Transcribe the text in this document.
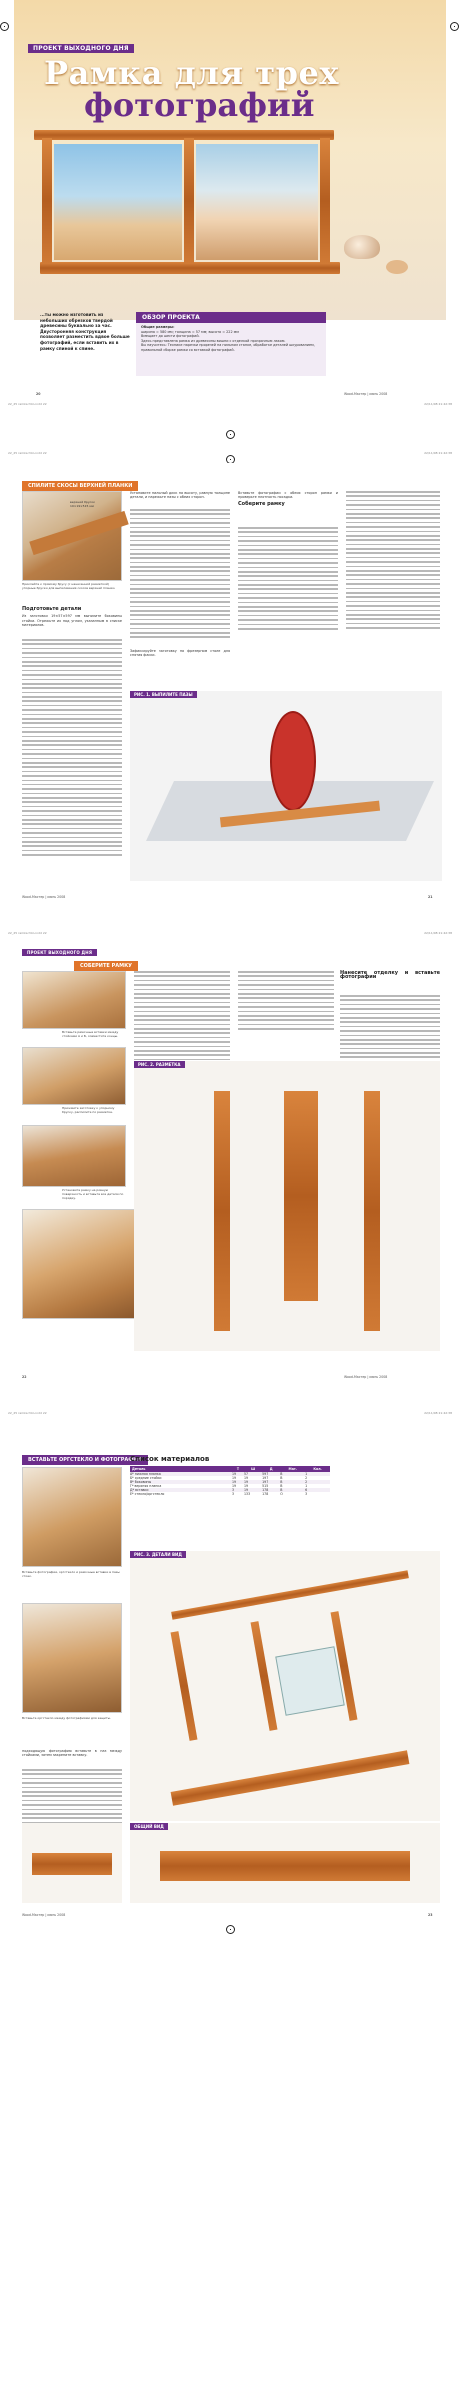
ПРОЕКТ ВЫХОДНОГО ДНЯ
Рамка для трех
фотографий
...ты можно изготовить из небольших обрезков твердой древесины буквально за час. Двусторонняя конструкция позволяет разместить вдвое больше фотографий, если вставить их в рамку спиной к спине.
ОБЗОР ПРОЕКТА
Общие размеры:
ширина = 580 мм; толщина = 57 мм; высота = 222 мм
Вмещает до шести фотографий.
Здесь представлена рамка из древесины вишни с отделкой прозрачным лаком.
Вы научитесь: Технике нарезки прорезей на пильном станке, обработке деталей шкурованием, правильной сборке рамки со вставкой фотографий.
20	Wood-Мастер | июнь 2008
22_25 ramka foto.indd 22	22/11/08 21:42:38
22_25 ramka foto.indd 22	22/11/08 21:42:38
СПИЛИТЕ СКОСЫ ВЕРХНЕЙ ПЛАНКИ
верхний брусок 19×19×515 мм
Приклейте к прямому брусу (с нанесенной разметкой) упорные бруски для выпиливания скосов верхней планки.
Подготовьте детали

Из заготовки 19×57×597 мм выпилите боковины стойки. Отрежьте их под углом, указанным в списке материалов.

Установите пильный диск на высоту, равную толщине детали, и нарежьте пазы с обеих сторон.

Зафиксируйте заготовку на фрезерном столе для снятия фаски.

Вставьте фотографии с обеих сторон рамки и проверьте плотность посадки.

Соберите рамку
РИС. 1. ВЫПИЛИТЕ ПАЗЫ
Wood-Мастер | июнь 2008	21
22_25 ramka foto.indd 22	22/11/08 21:42:38
ПРОЕКТ ВЫХОДНОГО ДНЯ
СОБЕРИТЕ РАМКУ
Вставьте рамочные вставки между стойками А и Б, совместите концы.
Прижмите заготовку к упорному бруску, распилите по разметке.
Установите рамку на ровную поверхность и вставьте все детали по порядку.
Нанесите отделку и вставьте фотографии
РИС. 2. РАЗМЕТКА
22	Wood-Мастер | июнь 2008
22_25 ramka foto.indd 22	22/11/08 21:42:38
ВСТАВЬТЕ ОРГСТЕКЛО И ФОТОГРАФИИ
Вставьте фотографии, оргстекло и рамочные вставки в пазы стоек.
Вставьте оргстекло между фотографиями для защиты.

подходящую фотографию вставьте в паз между стойками, затем закрепите вставку.

Список материалов
Деталь	Т	Ш	Д	Мат.	Кол.
А* нижняя планка	19	57	597	В	1
Б* средние стойки	19	19	197	В	2
В* боковины	19	19	197	В	2
Г* верхняя планка	19	19	515	В	1
Д* вставки	3	19	178	В	6
Е* стекло/оргстекло	3	133	178	О	3
РИС. 3. ДЕТАЛИ ВИД
ОБЩИЙ ВИД
Wood-Мастер | июнь 2008	23
